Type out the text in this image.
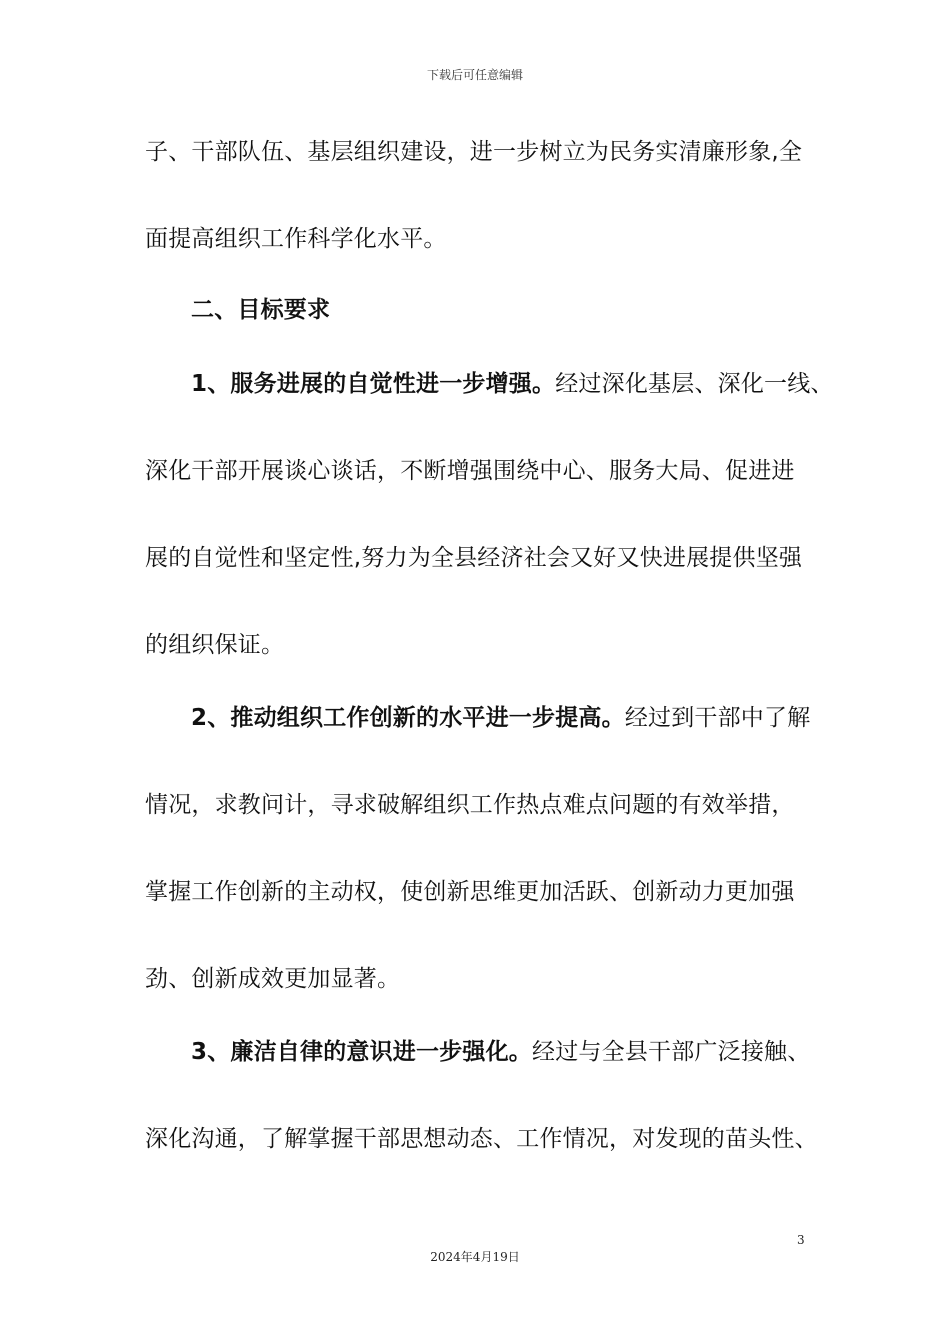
下载后可任意编辑
子、干部队伍、基层组织建设，进一步树立为民务实清廉形象,全
面提高组织工作科学化水平。
二、目标要求
1、服务进展的自觉性进一步增强。经过深化基层、深化一线、
深化干部开展谈心谈话，不断增强围绕中心、服务大局、促进进
展的自觉性和坚定性,努力为全县经济社会又好又快进展提供坚强
的组织保证。
2、推动组织工作创新的水平进一步提高。经过到干部中了解
情况，求教问计，寻求破解组织工作热点难点问题的有效举措，
掌握工作创新的主动权，使创新思维更加活跃、创新动力更加强
劲、创新成效更加显著。
3、廉洁自律的意识进一步强化。经过与全县干部广泛接触、
深化沟通，了解掌握干部思想动态、工作情况，对发现的苗头性、
3
2024年4月19日
